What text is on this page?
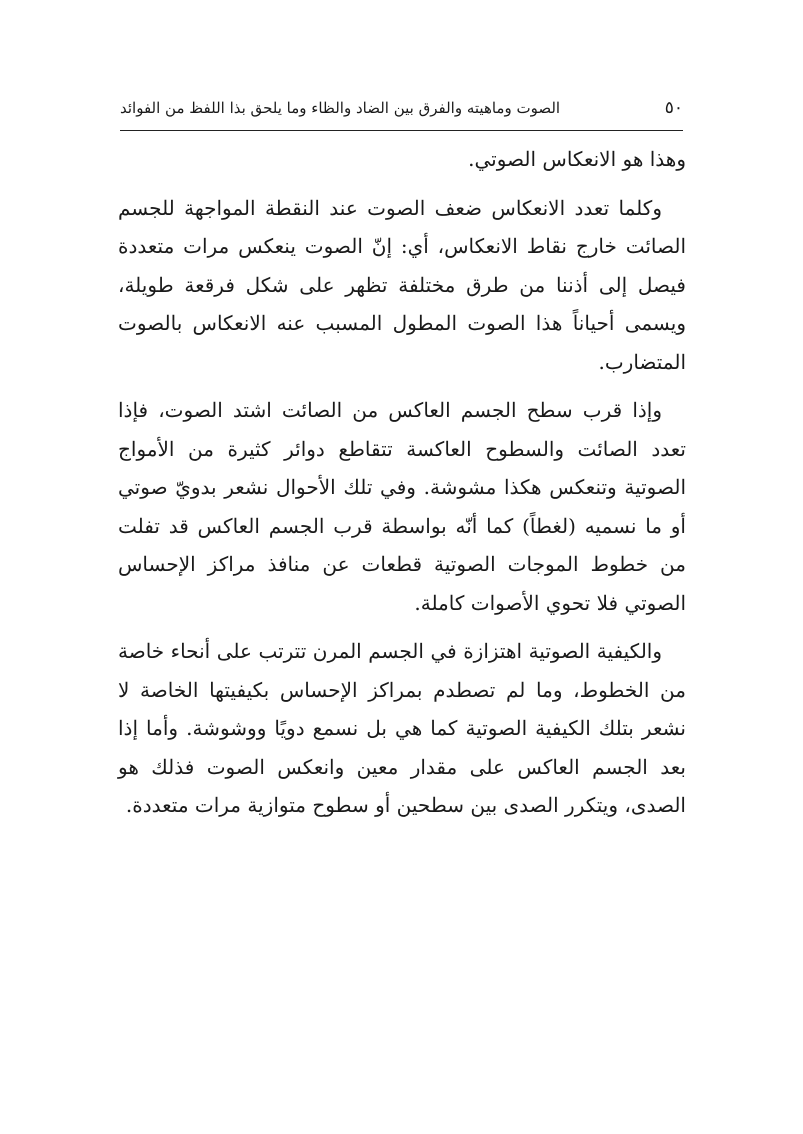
٥٠
الصوت وماهيته والفرق بين الضاد والظاء وما يلحق بذا اللفظ من الفوائد

وهذا هو الانعكاس الصوتي.

وكلما تعدد الانعكاس ضعف الصوت عند النقطة المواجهة للجسم الصائت خارج نقاط الانعكاس، أي: إنّ الصوت ينعكس مرات متعددة فيصل إلى أذننا من طرق مختلفة تظهر على شكل فرقعة طويلة، ويسمى أحياناً هذا الصوت المطول المسبب عنه الانعكاس بالصوت المتضارب.

وإذا قرب سطح الجسم العاكس من الصائت اشتد الصوت، فإذا تعدد الصائت والسطوح العاكسة تتقاطع دوائر كثيرة من الأمواج الصوتية وتنعكس هكذا مشوشة. وفي تلك الأحوال نشعر بدويّ صوتي أو ما نسميه (لغطاً) كما أنّه بواسطة قرب الجسم العاكس قد تفلت من خطوط الموجات الصوتية قطعات عن منافذ مراكز الإحساس الصوتي فلا تحوي الأصوات كاملة.

والكيفية الصوتية اهتزازة في الجسم المرن تترتب على أنحاء خاصة من الخطوط، وما لم تصطدم بمراكز الإحساس بكيفيتها الخاصة لا نشعر بتلك الكيفية الصوتية كما هي بل نسمع دويًا ووشوشة. وأما إذا بعد الجسم العاكس على مقدار معين وانعكس الصوت فذلك هو الصدى، ويتكرر الصدى بين سطحين أو سطوح متوازية مرات متعددة.
